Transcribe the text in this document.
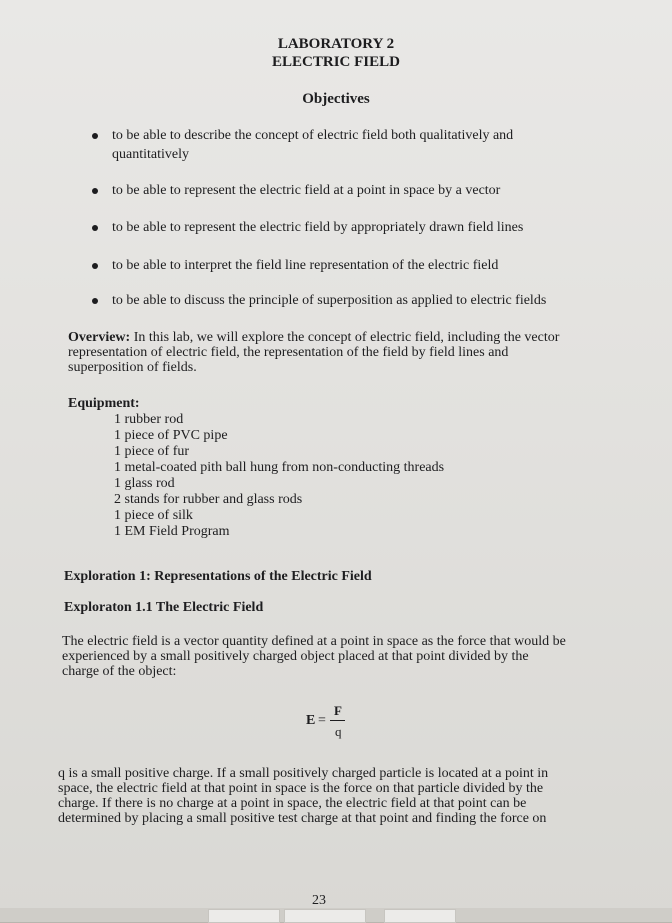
LABORATORY 2
ELECTRIC FIELD
Objectives
to be able to describe the concept of electric field both qualitatively and
quantitatively
to be able to represent the electric field at a point in space by a vector
to be able to represent the electric field by appropriately drawn field lines
to be able to interpret the field line representation of the electric field
to be able to discuss the principle of superposition as applied to electric fields
Overview: In this lab, we will explore the concept of electric field, including the vector
representation of electric field, the representation of the field by field lines and
superposition of fields.
Equipment:
1 rubber rod
1 piece of PVC pipe
1 piece of fur
1 metal-coated pith ball hung from non-conducting threads
1 glass rod
2 stands for rubber and glass rods
1 piece of silk
1 EM Field Program
Exploration 1: Representations of the Electric Field
Exploraton 1.1 The Electric Field
The electric field is a vector quantity defined at a point in space as the force that would be
experienced by a small positively charged object placed at that point divided by the
charge of the object:
E =
F
q
q is a small positive charge. If a small positively charged particle is located at a point in
space, the electric field at that point in space is the force on that particle divided by the
charge. If there is no charge at a point in space, the electric field at that point can be
determined by placing a small positive test charge at that point and finding the force on
23
